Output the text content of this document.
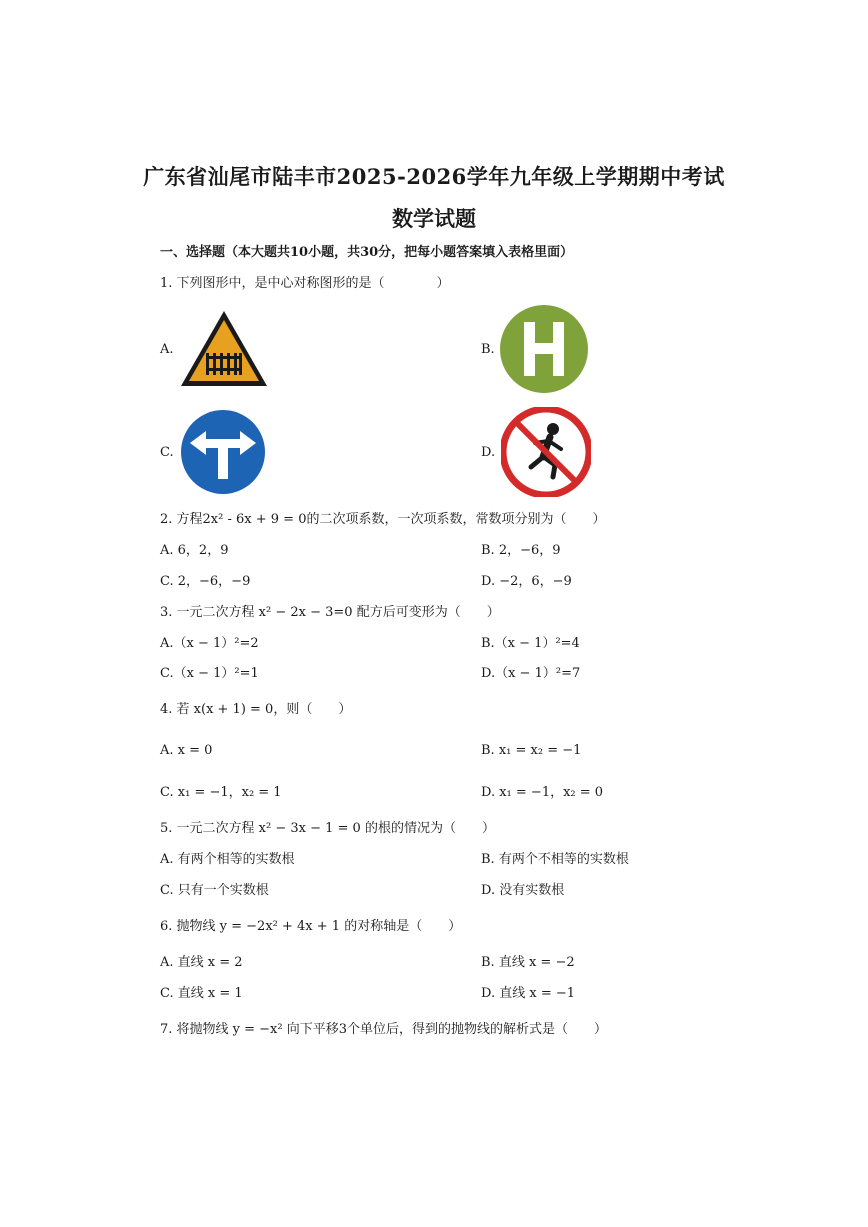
广东省汕尾市陆丰市2025-2026学年九年级上学期期中考试
数学试题
一、选择题（本大题共10小题，共30分，把每小题答案填入表格里面）
1. 下列图形中，是中心对称图形的是（　　　　）
A.	B.
C.	D.
2. 方程2x² - 6x + 9 = 0的二次项系数，一次项系数，常数项分别为（　　）
A. 6，2，9	B. 2，−6，9
C. 2，−6，−9	D. −2，6，−9
3. 一元二次方程 x² − 2x − 3=0 配方后可变形为（　　）
A.（x − 1）²=2	B.（x − 1）²=4
C.（x − 1）²=1	D.（x − 1）²=7
4. 若 x(x + 1) = 0，则（　　）
A. x = 0	B. x₁ = x₂ = −1
C. x₁ = −1，x₂ = 1	D. x₁ = −1，x₂ = 0
5. 一元二次方程 x² − 3x − 1 = 0 的根的情况为（　　）
A. 有两个相等的实数根	B. 有两个不相等的实数根
C. 只有一个实数根	D. 没有实数根
6. 抛物线 y = −2x² + 4x + 1 的对称轴是（　　）
A. 直线 x = 2	B. 直线 x = −2
C. 直线 x = 1	D. 直线 x = −1
7. 将抛物线 y = −x² 向下平移3个单位后，得到的抛物线的解析式是（　　）
